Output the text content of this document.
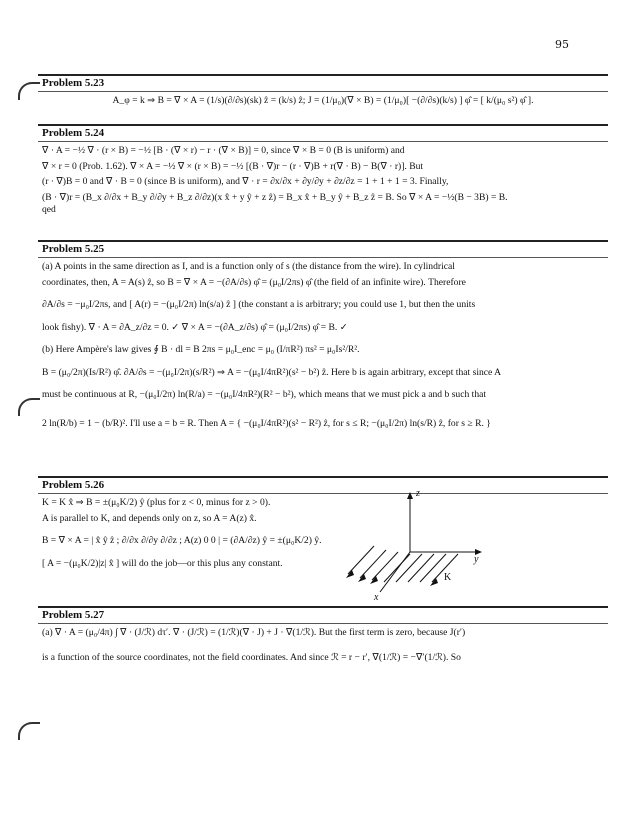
95
Problem 5.23
A_φ = k ⇒ B = ∇ × A = (1/s)(∂/∂s)(sk) ẑ = (k/s) ẑ; J = (1/μ₀)(∇ × B) = (1/μ₀)[ −(∂/∂s)(k/s) ] φ̂ = [ k/(μ₀ s²) φ̂ ].
Problem 5.24
∇ · A = −½ ∇ · (r × B) = −½ [B · (∇ × r) − r · (∇ × B)] = 0, since ∇ × B = 0 (B is uniform) and
∇ × r = 0 (Prob. 1.62). ∇ × A = −½ ∇ × (r × B) = −½ [(B · ∇)r − (r · ∇)B + r(∇ · B) − B(∇ · r)]. But
(r · ∇)B = 0 and ∇ · B = 0 (since B is uniform), and ∇ · r = ∂x/∂x + ∂y/∂y + ∂z/∂z = 1 + 1 + 1 = 3. Finally,
(B · ∇)r = (B_x ∂/∂x + B_y ∂/∂y + B_z ∂/∂z)(x x̂ + y ŷ + z ẑ) = B_x x̂ + B_y ŷ + B_z ẑ = B. So ∇ × A = −½(B − 3B) = B.
qed
Problem 5.25
(a) A points in the same direction as I, and is a function only of s (the distance from the wire). In cylindrical
coordinates, then, A = A(s) ẑ, so B = ∇ × A = −(∂A/∂s) φ̂ = (μ₀I/2πs) φ̂ (the field of an infinite wire). Therefore
∂A/∂s = −μ₀I/2πs, and [ A(r) = −(μ₀I/2π) ln(s/a) ẑ ] (the constant a is arbitrary; you could use 1, but then the units
look fishy). ∇ · A = ∂A_z/∂z = 0. ✓ ∇ × A = −(∂A_z/∂s) φ̂ = (μ₀I/2πs) φ̂ = B. ✓
(b) Here Ampère's law gives ∮ B · dl = B 2πs = μ₀I_enc = μ₀ (I/πR²) πs² = μ₀Is²/R².
B = (μ₀/2π)(Is/R²) φ̂. ∂A/∂s = −(μ₀I/2π)(s/R²) ⇒ A = −(μ₀I/4πR²)(s² − b²) ẑ. Here b is again arbitrary, except that since A
must be continuous at R, −(μ₀I/2π) ln(R/a) = −(μ₀I/4πR²)(R² − b²), which means that we must pick a and b such that
2 ln(R/b) = 1 − (b/R)². I'll use a = b = R. Then A = { −(μ₀I/4πR²)(s² − R²) ẑ, for s ≤ R; −(μ₀I/2π) ln(s/R) ẑ, for s ≥ R. }
Problem 5.26
K = K x̂ ⇒ B = ±(μ₀K/2) ŷ (plus for z < 0, minus for z > 0).
A is parallel to K, and depends only on z, so A = A(z) x̂.
B = ∇ × A = | x̂ ŷ ẑ ; ∂/∂x ∂/∂y ∂/∂z ; A(z) 0 0 | = (∂A/∂z) ŷ = ±(μ₀K/2) ŷ.
[ A = −(μ₀K/2)|z| x̂ ] will do the job—or this plus any constant.
z
y
x
K
Problem 5.27
(a) ∇ · A = (μ₀/4π) ∫ ∇ · (J/ℛ) dτ′. ∇ · (J/ℛ) = (1/ℛ)(∇ · J) + J · ∇(1/ℛ). But the first term is zero, because J(r′)
is a function of the source coordinates, not the field coordinates. And since ℛ = r − r′, ∇(1/ℛ) = −∇′(1/ℛ). So
